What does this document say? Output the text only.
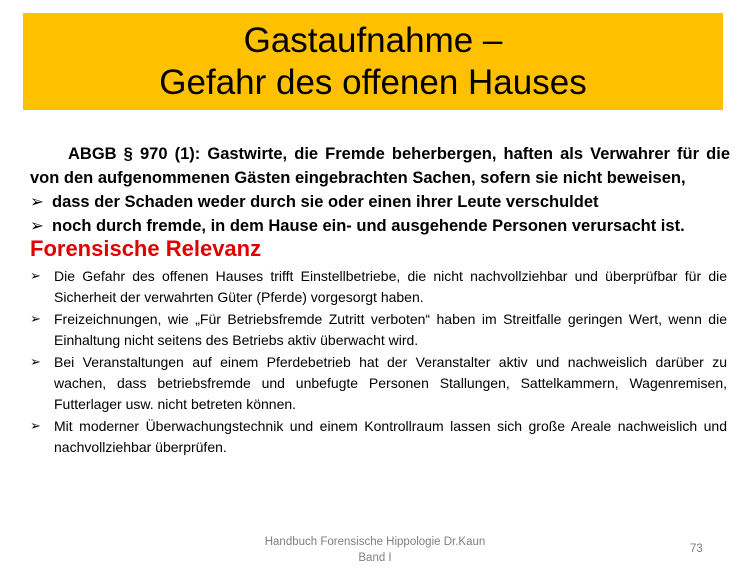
Gastaufnahme –
Gefahr des offenen Hauses

ABGB § 970 (1): Gastwirte, die Fremde beherbergen, haften als Verwahrer für die von den aufgenommenen Gästen eingebrachten Sachen, sofern sie nicht beweisen,

➢ dass der Schaden weder durch sie oder einen ihrer Leute verschuldet
➢ noch durch fremde, in dem Hause ein- und ausgehende Personen verursacht ist.
Forensische Relevanz
➢ Die Gefahr des offenen Hauses trifft Einstellbetriebe, die nicht nachvollziehbar und überprüfbar für die Sicherheit der verwahrten Güter (Pferde) vorgesorgt haben.
➢ Freizeichnungen, wie „Für Betriebsfremde Zutritt verboten“ haben im Streitfalle geringen Wert, wenn die Einhaltung nicht seitens des Betriebs aktiv überwacht wird.
➢ Bei Veranstaltungen auf einem Pferdebetrieb hat der Veranstalter aktiv und nachweislich darüber zu wachen, dass betriebsfremde und unbefugte Personen Stallungen, Sattelkammern, Wagenremisen, Futterlager usw. nicht betreten können.
➢ Mit moderner Überwachungstechnik und einem Kontrollraum lassen sich große Areale nachweislich und nachvollziehbar überprüfen.
Handbuch Forensische Hippologie Dr.Kaun
Band I
73
